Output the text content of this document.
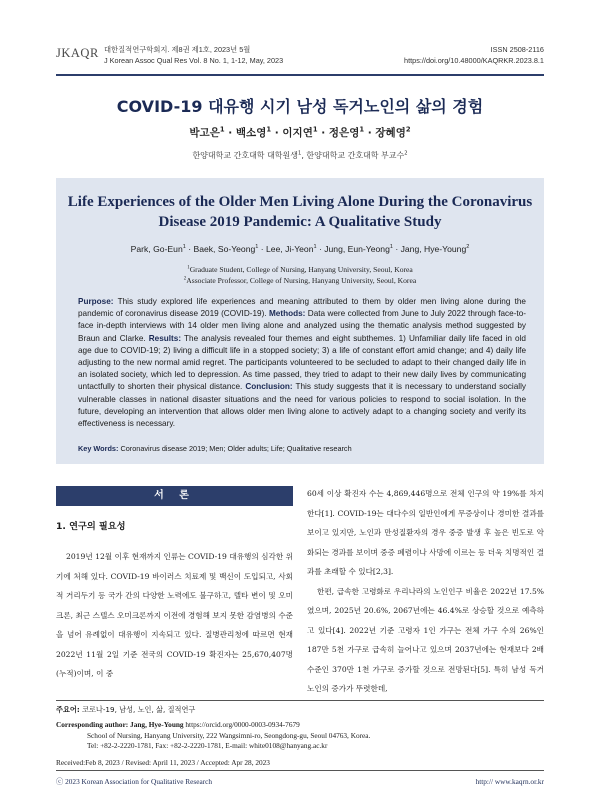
JKAQR 대한질적연구학회지. 제8권 제1호, 2023년 5월
J Korean Assoc Qual Res Vol. 8 No. 1, 1-12, May, 2023
ISSN 2508-2116
https://doi.org/10.48000/KAQRKR.2023.8.1
COVID-19 대유행 시기 남성 독거노인의 삶의 경험
박고은$^1$ · 백소영$^1$ · 이지연$^1$ · 정은영$^1$ · 장혜영$^2$
한양대학교 간호대학 대학원생$^1$, 한양대학교 간호대학 부교수$^2$
Life Experiences of the Older Men Living Alone During the Coronavirus
Disease 2019 Pandemic: A Qualitative Study
Park, Go-Eun$^1$ · Baek, So-Yeong$^1$ · Lee, Ji-Yeon$^1$ · Jung, Eun-Yeong$^1$ · Jang, Hye-Young$^2$
$^1$Graduate Student, College of Nursing, Hanyang University, Seoul, Korea
$^2$Associate Professor, College of Nursing, Hanyang University, Seoul, Korea
Purpose: This study explored life experiences and meaning attributed to them by older men living alone during the pandemic of coronavirus disease 2019 (COVID-19). Methods: Data were collected from June to July 2022 through face-to-face in-depth interviews with 14 older men living alone and analyzed using the thematic analysis method suggested by Braun and Clarke. Results: The analysis revealed four themes and eight subthemes. 1) Unfamiliar daily life faced in old age due to COVID-19; 2) living a difficult life in a stopped society; 3) a life of constant effort amid change; and 4) daily life adjusting to the new normal amid regret. The participants volunteered to be secluded to adapt to their changed daily life in an isolated society, which led to depression. As time passed, they tried to adapt to their new daily lives by communicating untactfully to shorten their physical distance. Conclusion: This study suggests that it is necessary to understand socially vulnerable classes in national disaster situations and the need for various policies to respond to social isolation. In the future, developing an intervention that allows older men living alone to actively adapt to a changing society and verify its effectiveness is necessary.
Key Words: Coronavirus disease 2019; Men; Older adults; Life; Qualitative research
서 론
1. 연구의 필요성

2019년 12월 이후 현재까지 인류는 COVID-19 대유행의 심각한 위기에 처해 있다. COVID-19 바이러스 치료제 및 백신이 도입되고, 사회적 거리두기 등 국가 간의 다양한 노력에도 불구하고, 델타 변이 및 오미크론, 최근 스텔스 오미크론까지 이전에 경험해 보지 못한 감염병의 수준을 넘어 유례없이 대유행이 지속되고 있다. 질병관리청에 따르면 현재 2022년 11월 2일 기준 전국의 COVID-19 확진자는 25,670,407명(누적)이며, 이 중

60세 이상 확진자 수는 4,869,446명으로 전체 인구의 약 19%를 차지한다[1]. COVID-19는 대다수의 일반인에게 무증상이나 경미한 결과를 보이고 있지만, 노인과 만성질환자의 경우 중증 발생 후 높은 빈도로 악화되는 경과를 보이며 중증 폐렴이나 사망에 이르는 등 더욱 치명적인 결과를 초래할 수 있다[2,3].

한편, 급속한 고령화로 우리나라의 노인인구 비율은 2022년 17.5%였으며, 2025년 20.6%, 2067년에는 46.4%로 상승할 것으로 예측하고 있다[4]. 2022년 기준 고령자 1인 가구는 전체 가구 수의 26%인 187만 5천 가구로 급속히 늘어나고 있으며 2037년에는 현재보다 2배 수준인 370만 1천 가구로 증가할 것으로 전망된다[5]. 특히 남성 독거노인의 증가가 뚜렷한데,

주요어: 코로나-19, 남성, 노인, 삶, 질적연구
Corresponding author: Jang, Hye-Young https://orcid.org/0000-0003-0934-7679
School of Nursing, Hanyang University, 222 Wangsimni-ro, Seongdong-gu, Seoul 04763, Korea.
Tel: +82-2-2220-1781, Fax: +82-2-2220-1781, E-mail: white0108@hanyang.ac.kr
Received:Feb 8, 2023 / Revised: April 11, 2023 / Accepted: Apr 28, 2023
ⓒ 2023 Korean Association for Qualitative Research	http:// www.kaqrn.or.kr
